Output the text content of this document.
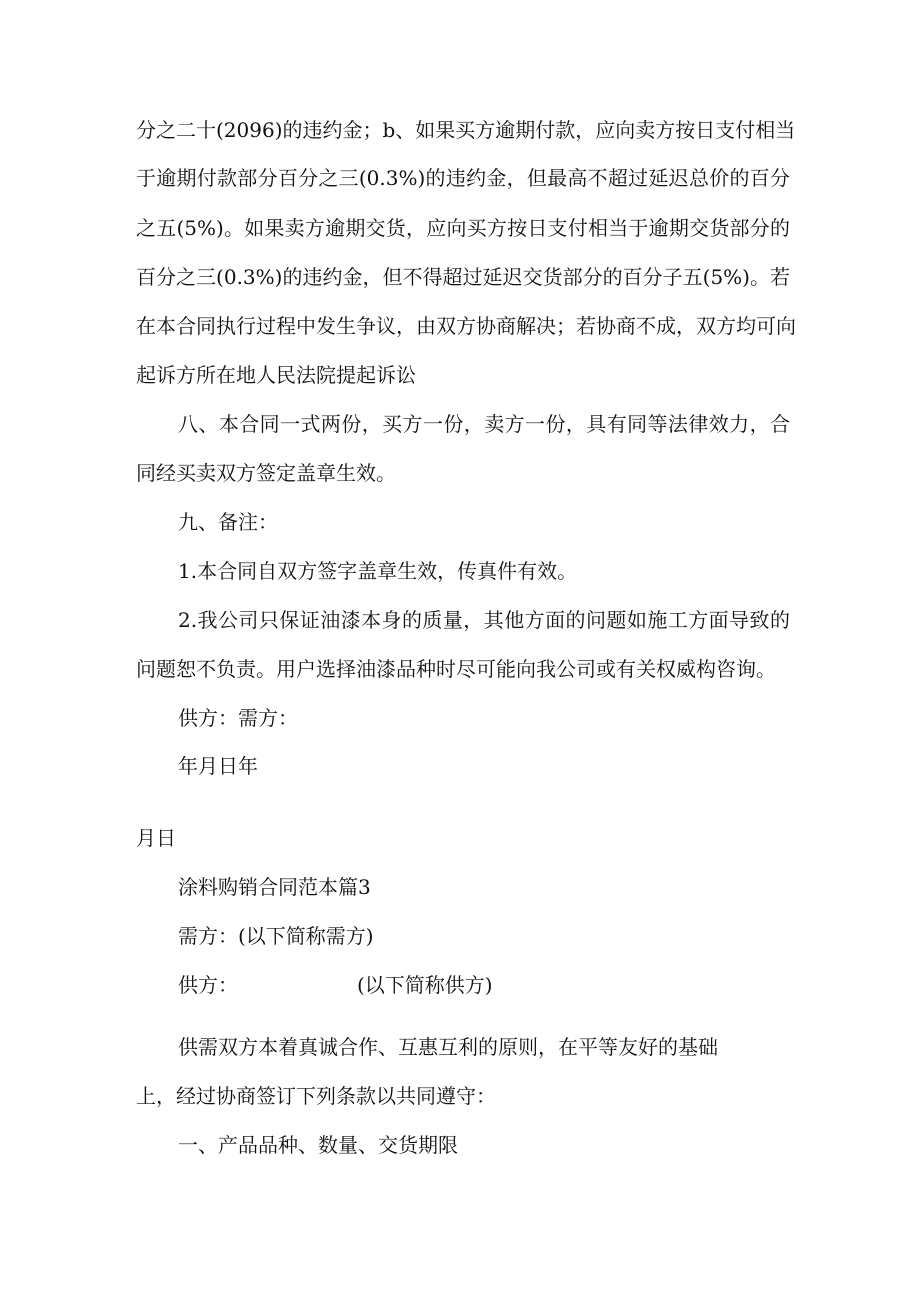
分之二十(2096)的违约金；b、如果买方逾期付款，应向卖方按日支付相当

于逾期付款部分百分之三(0.3%)的违约金，但最高不超过延迟总价的百分

之五(5%)。如果卖方逾期交货，应向买方按日支付相当于逾期交货部分的

百分之三(0.3%)的违约金，但不得超过延迟交货部分的百分子五(5%)。若

在本合同执行过程中发生争议，由双方协商解决；若协商不成，双方均可向

起诉方所在地人民法院提起诉讼

八、本合同一式两份，买方一份，卖方一份，具有同等法律效力，合

同经买卖双方签定盖章生效。

九、备注：

1.本合同自双方签字盖章生效，传真件有效。

2.我公司只保证油漆本身的质量，其他方面的问题如施工方面导致的

问题恕不负责。用户选择油漆品种时尽可能向我公司或有关权威构咨询。

供方：需方：

年月日年

月日

涂料购销合同范本篇3

需方：(以下简称需方)

供方：	(以下简称供方)

供需双方本着真诚合作、互惠互利的原则，在平等友好的基础

上，经过协商签订下列条款以共同遵守：

一、产品品种、数量、交货期限
